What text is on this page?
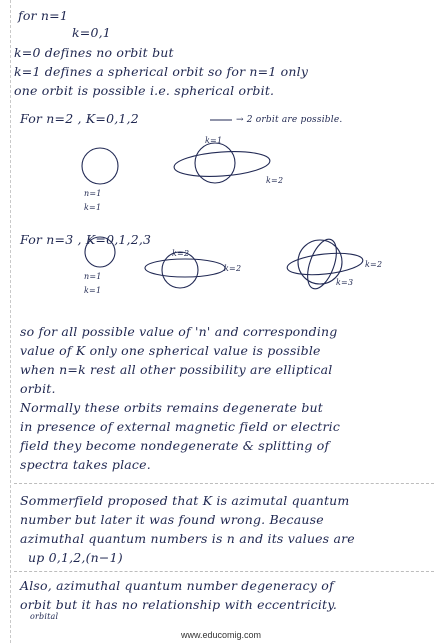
for n=1
k=0,1
k=0 defines no orbit but
k=1 defines a spherical orbit so for n=1 only
one orbit is possible i.e. spherical orbit.
For n=2 , K=0,1,2	→ 2 orbit are possible.
n=1
k=1
k=1
k=2
For n=3 , K=0,1,2,3
n=1
k=1
k=2
k=2	k=2
k=3
so for all possible value of 'n' and corresponding
value of K only one spherical value is possible
when n=k rest all other possibility are elliptical
orbit.
Normally these orbits remains degenerate but
in presence of external magnetic field or electric
field they become nondegenerate & splitting of
spectra takes place.
Sommerfield proposed that K is azimutal quantum
number but later it was found wrong. Because
azimuthal quantum numbers is n and its values are
up 0,1,2,(n−1)
Also, azimuthal quantum number degeneracy of
orbit but it has no relationship with eccentricity.
orbital
www.educomig.com
